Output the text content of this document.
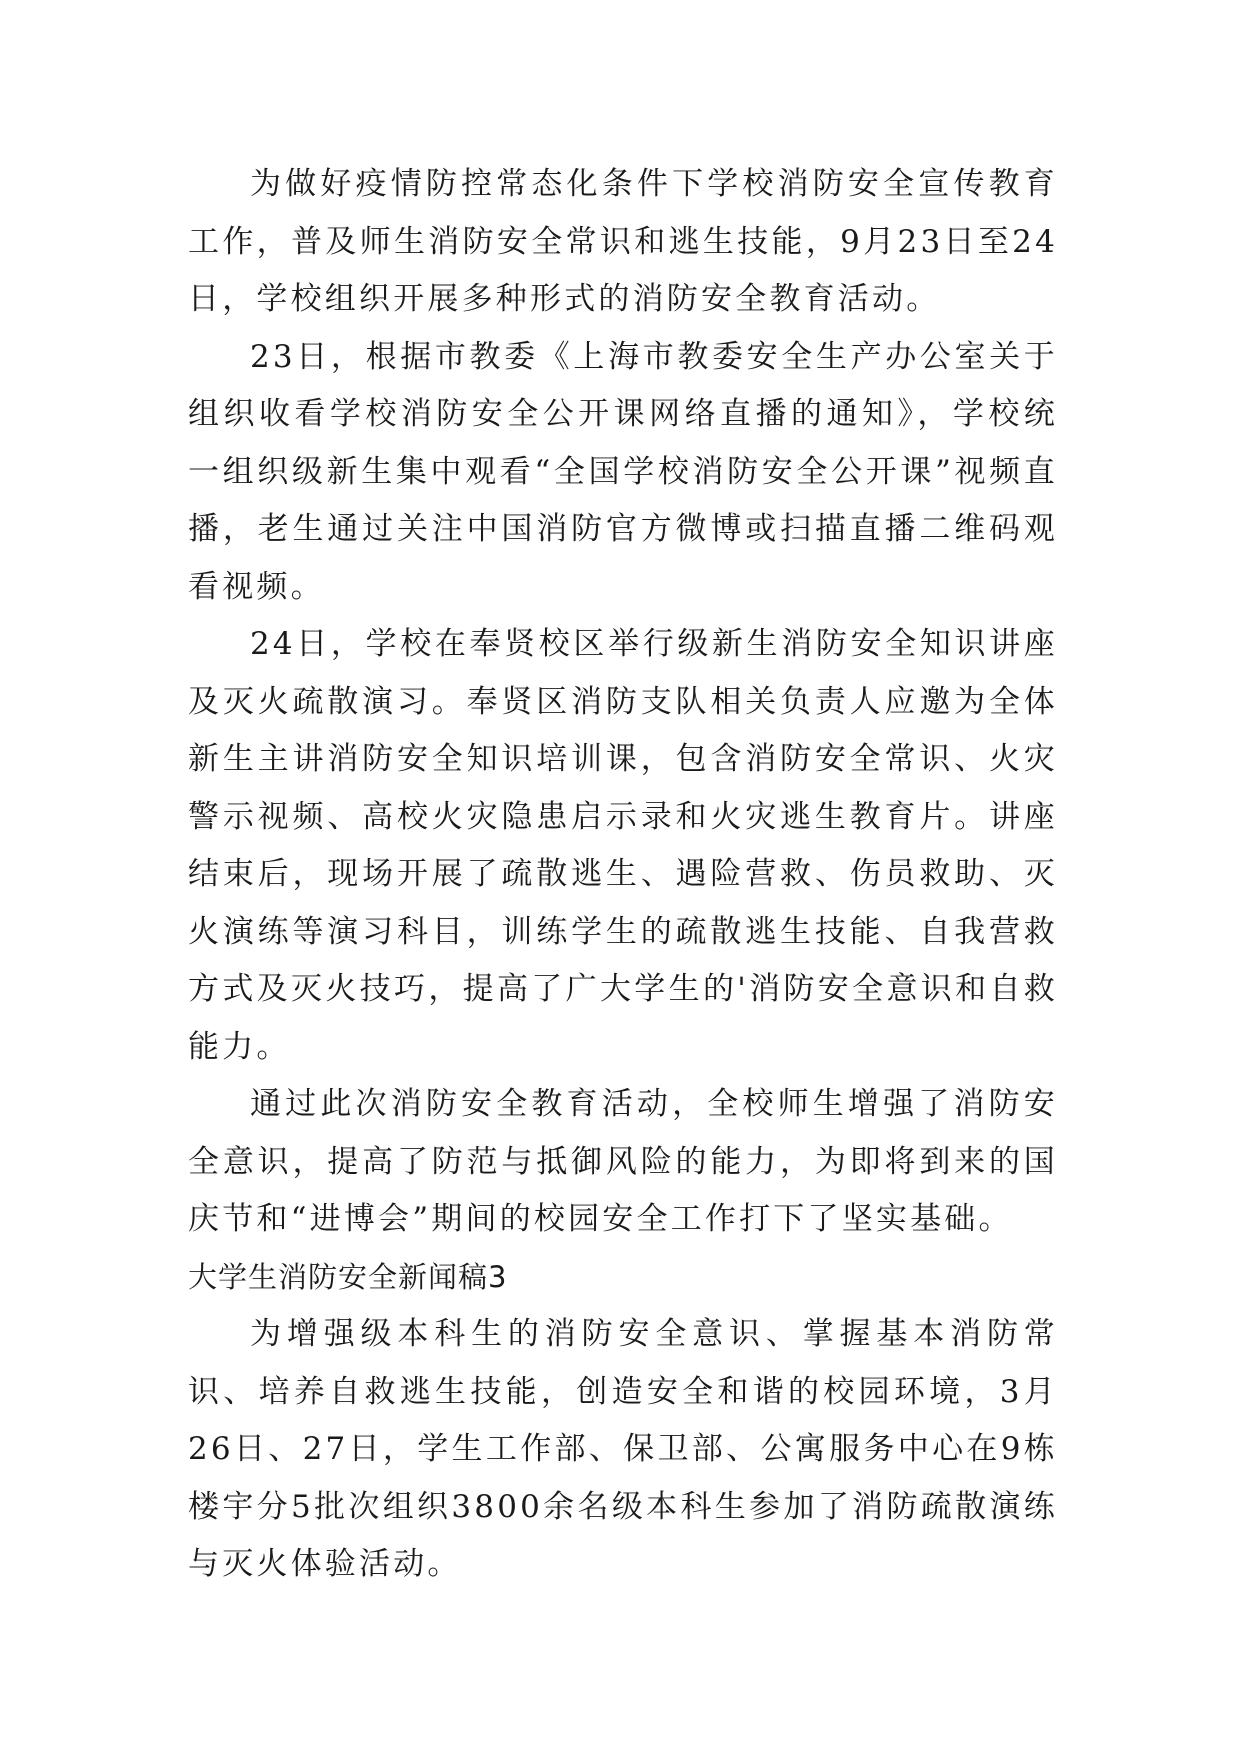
为做好疫情防控常态化条件下学校消防安全宣传教育工作，普及师生消防安全常识和逃生技能，9月23日至24日，学校组织开展多种形式的消防安全教育活动。

23日，根据市教委《上海市教委安全生产办公室关于组织收看学校消防安全公开课网络直播的通知》，学校统一组织级新生集中观看“全国学校消防安全公开课”视频直播，老生通过关注中国消防官方微博或扫描直播二维码观看视频。

24日，学校在奉贤校区举行级新生消防安全知识讲座及灭火疏散演习。奉贤区消防支队相关负责人应邀为全体新生主讲消防安全知识培训课，包含消防安全常识、火灾警示视频、高校火灾隐患启示录和火灾逃生教育片。讲座结束后，现场开展了疏散逃生、遇险营救、伤员救助、灭火演练等演习科目，训练学生的疏散逃生技能、自我营救方式及灭火技巧，提高了广大学生的'消防安全意识和自救能力。

通过此次消防安全教育活动，全校师生增强了消防安全意识，提高了防范与抵御风险的能力，为即将到来的国庆节和“进博会”期间的校园安全工作打下了坚实基础。

大学生消防安全新闻稿3

为增强级本科生的消防安全意识、掌握基本消防常识、培养自救逃生技能，创造安全和谐的校园环境，3月26日、27日，学生工作部、保卫部、公寓服务中心在9栋楼宇分5批次组织3800余名级本科生参加了消防疏散演练与灭火体验活动。
